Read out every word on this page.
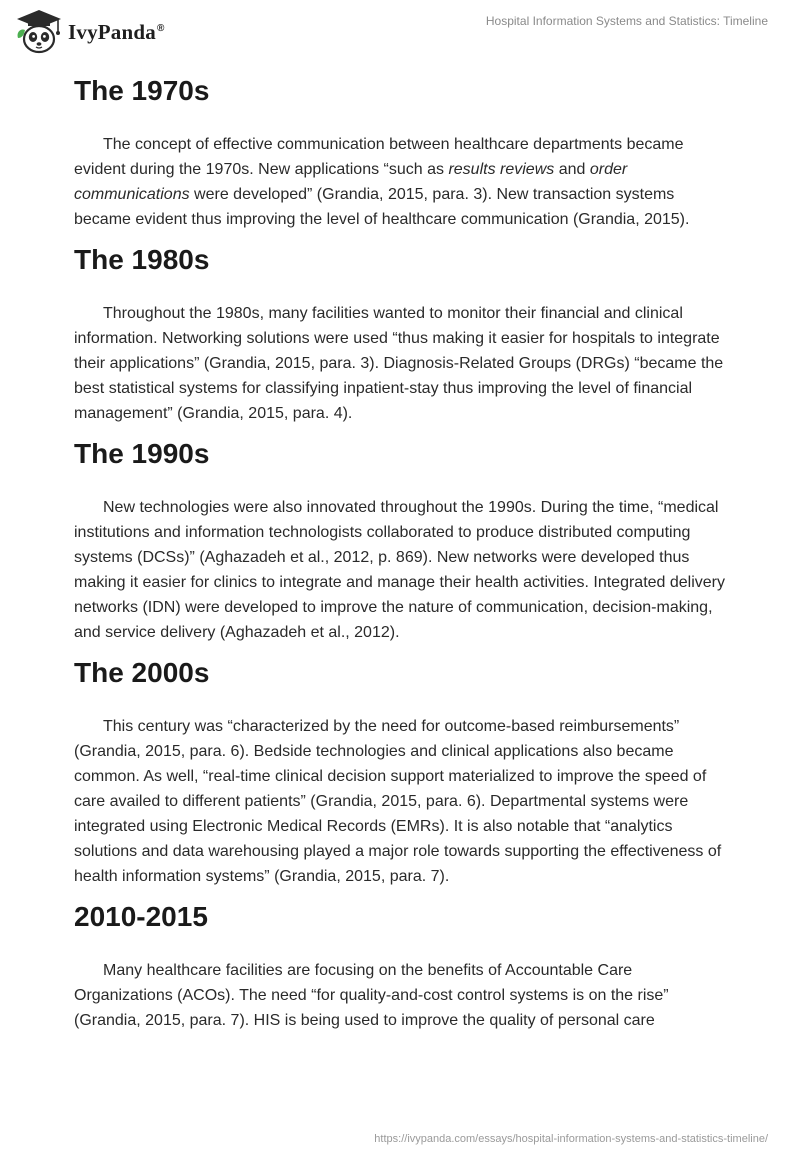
IvyPanda®	Hospital Information Systems and Statistics: Timeline
The 1970s

The concept of effective communication between healthcare departments became evident during the 1970s. New applications “such as results reviews and order communications were developed” (Grandia, 2015, para. 3). New transaction systems became evident thus improving the level of healthcare communication (Grandia, 2015).

The 1980s

Throughout the 1980s, many facilities wanted to monitor their financial and clinical information. Networking solutions were used “thus making it easier for hospitals to integrate their applications” (Grandia, 2015, para. 3). Diagnosis-Related Groups (DRGs) “became the best statistical systems for classifying inpatient-stay thus improving the level of financial management” (Grandia, 2015, para. 4).

The 1990s

New technologies were also innovated throughout the 1990s. During the time, “medical institutions and information technologists collaborated to produce distributed computing systems (DCSs)” (Aghazadeh et al., 2012, p. 869). New networks were developed thus making it easier for clinics to integrate and manage their health activities. Integrated delivery networks (IDN) were developed to improve the nature of communication, decision-making, and service delivery (Aghazadeh et al., 2012).

The 2000s

This century was “characterized by the need for outcome-based reimbursements” (Grandia, 2015, para. 6). Bedside technologies and clinical applications also became common. As well, “real-time clinical decision support materialized to improve the speed of care availed to different patients” (Grandia, 2015, para. 6). Departmental systems were integrated using Electronic Medical Records (EMRs). It is also notable that “analytics solutions and data warehousing played a major role towards supporting the effectiveness of health information systems” (Grandia, 2015, para. 7).

2010-2015

Many healthcare facilities are focusing on the benefits of Accountable Care Organizations (ACOs). The need “for quality-and-cost control systems is on the rise” (Grandia, 2015, para. 7). HIS is being used to improve the quality of personal care

https://ivypanda.com/essays/hospital-information-systems-and-statistics-timeline/
